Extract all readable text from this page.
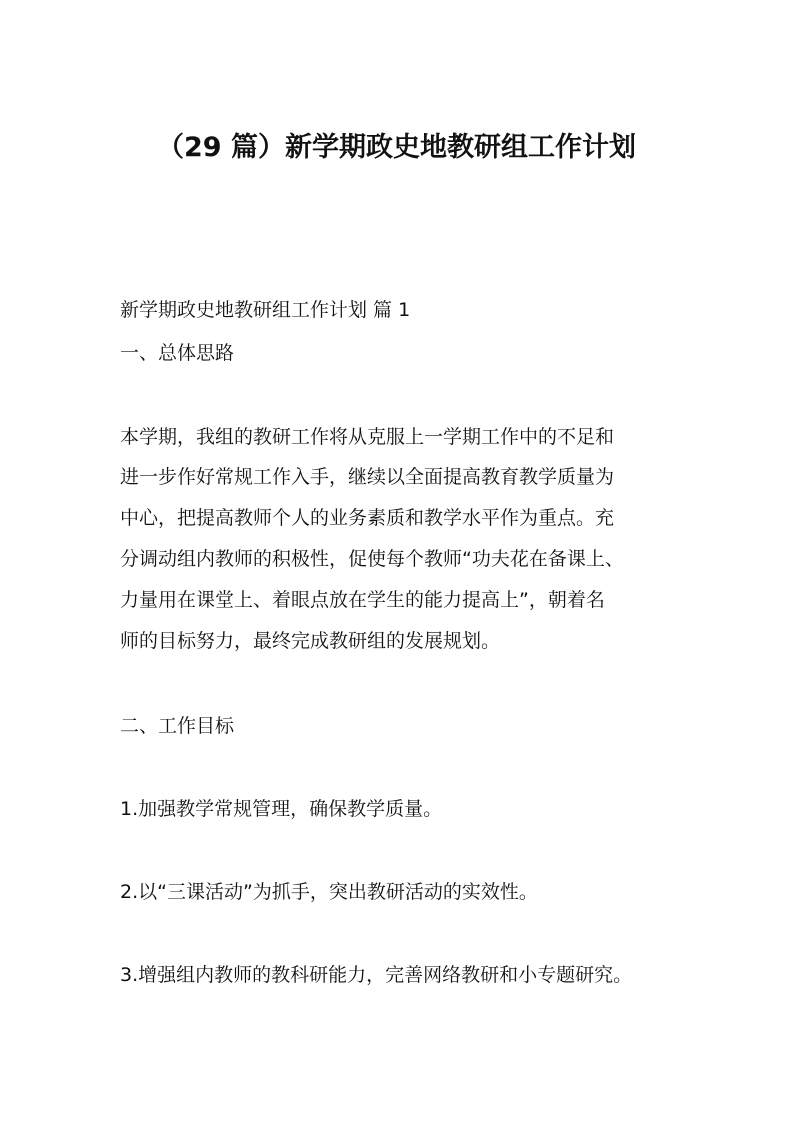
（29 篇）新学期政史地教研组工作计划
新学期政史地教研组工作计划 篇 1
一、总体思路
本学期，我组的教研工作将从克服上一学期工作中的不足和
进一步作好常规工作入手，继续以全面提高教育教学质量为
中心，把提高教师个人的业务素质和教学水平作为重点。充
分调动组内教师的积极性，促使每个教师“功夫花在备课上、
力量用在课堂上、着眼点放在学生的能力提高上”，朝着名
师的目标努力，最终完成教研组的发展规划。
二、工作目标
1.加强教学常规管理，确保教学质量。
2.以“三课活动”为抓手，突出教研活动的实效性。
3.增强组内教师的教科研能力，完善网络教研和小专题研究。
